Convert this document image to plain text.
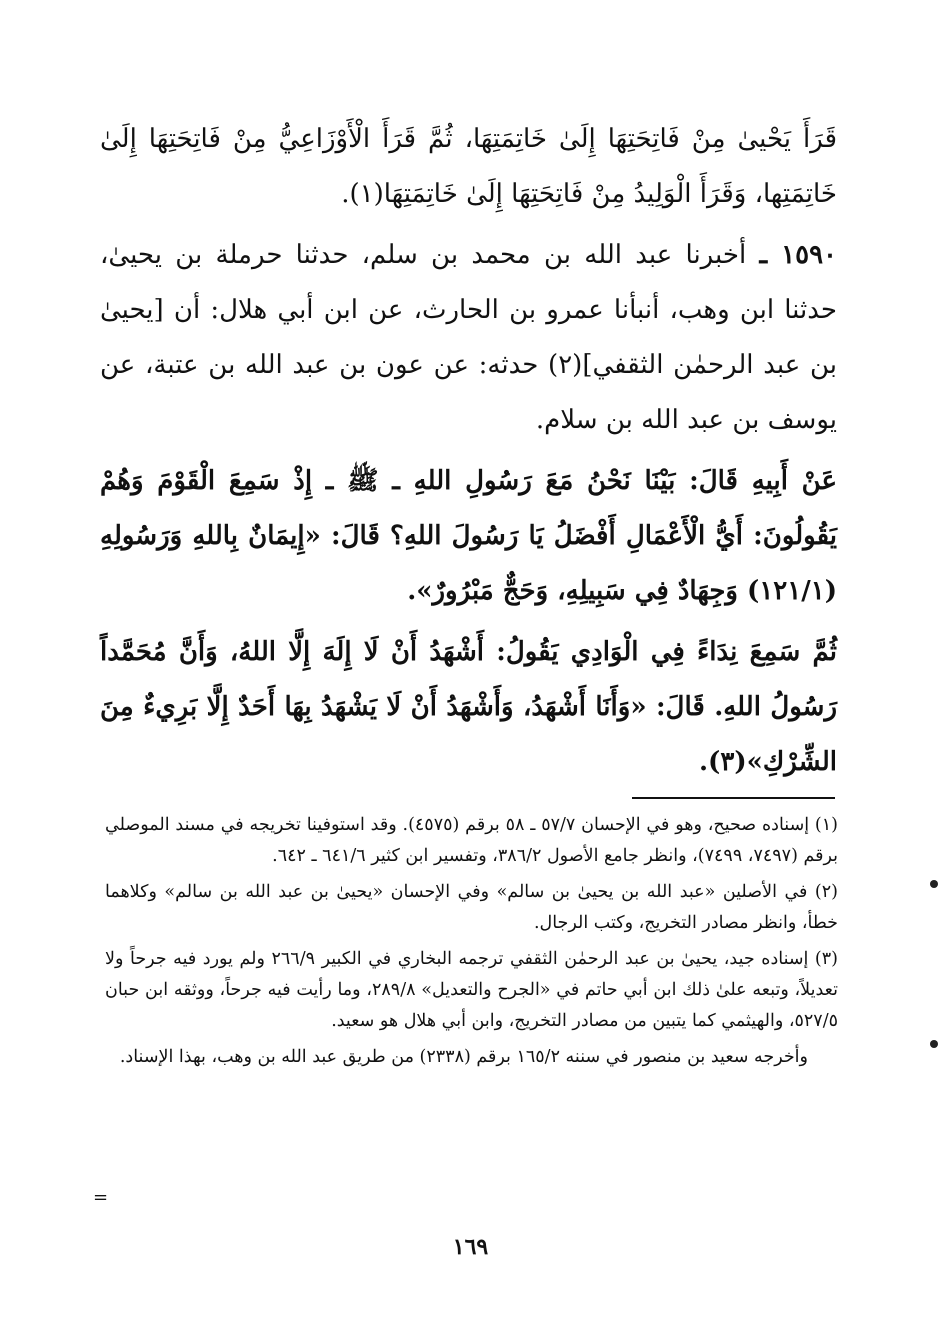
قَرَأَ يَحْيىٰ مِنْ فَاتِحَتِهَا إِلَىٰ خَاتِمَتِهَا، ثُمَّ قَرَأَ الْأَوْزَاعِيُّ مِنْ فَاتِحَتِهَا إِلَىٰ خَاتِمَتِها، وَقَرَأَ الْوَلِيدُ مِنْ فَاتِحَتِهَا إِلَىٰ خَاتِمَتِهَا(١).

١٥٩٠ ـ أخبرنا عبد الله بن محمد بن سلم، حدثنا حرملة بن يحيىٰ، حدثنا ابن وهب، أنبأنا عمرو بن الحارث، عن ابن أبي هلال: أن [يحيىٰ بن عبد الرحمٰن الثقفي](٢) حدثه: عن عون بن عبد الله بن عتبة، عن يوسف بن عبد الله بن سلام.

عَنْ أَبِيهِ قَالَ: بَيْنَا نَحْنُ مَعَ رَسُولِ اللهِ ـ ﷺ ـ إِذْ سَمِعَ الْقَوْمَ وَهُمْ يَقُولُونَ: أَيُّ الْأَعْمَالِ أَفْضَلُ يَا رَسُولَ اللهِ؟ قَالَ: «إِيمَانٌ بِاللهِ وَرَسُولِهِ (١٢١/١) وَجِهَادٌ فِي سَبِيلِهِ، وَحَجٌّ مَبْرُورٌ».

ثُمَّ سَمِعَ نِدَاءً فِي الْوَادِي يَقُولُ: أَشْهَدُ أَنْ لَا إِلَهَ إِلَّا اللهُ، وَأَنَّ مُحَمَّداً رَسُولُ اللهِ. قَالَ: «وَأَنَا أَشْهَدُ، وَأَشْهَدُ أَنْ لَا يَشْهَدُ بِهَا أَحَدٌ إِلَّا بَرِيءٌ مِنَ الشِّرْكِ»(٣).

(١) إسناده صحيح، وهو في الإحسان ٥٧/٧ ـ ٥٨ برقم (٤٥٧٥). وقد استوفينا تخريجه في مسند الموصلي برقم (٧٤٩٧، ٧٤٩٩)، وانظر جامع الأصول ٣٨٦/٢، وتفسير ابن كثير ٦٤١/٦ ـ ٦٤٢.

(٢) في الأصلين «عبد الله بن يحيىٰ بن سالم» وفي الإحسان «يحيىٰ بن عبد الله بن سالم» وكلاهما خطأ، وانظر مصادر التخريج، وكتب الرجال.

(٣) إسناده جيد، يحيىٰ بن عبد الرحمٰن الثقفي ترجمه البخاري في الكبير ٢٦٦/٩ ولم يورد فيه جرحاً ولا تعديلاً، وتبعه علىٰ ذلك ابن أبي حاتم في «الجرح والتعديل» ٢٨٩/٨، وما رأيت فيه جرحاً، ووثقه ابن حبان ٥٢٧/٥، والهيثمي كما يتبين من مصادر التخريج، وابن أبي هلال هو سعيد.

وأخرجه سعيد بن منصور في سننه ١٦٥/٢ برقم (٢٣٣٨) من طريق عبد الله بن وهب، بهذا الإسناد.

١٦٩
=
